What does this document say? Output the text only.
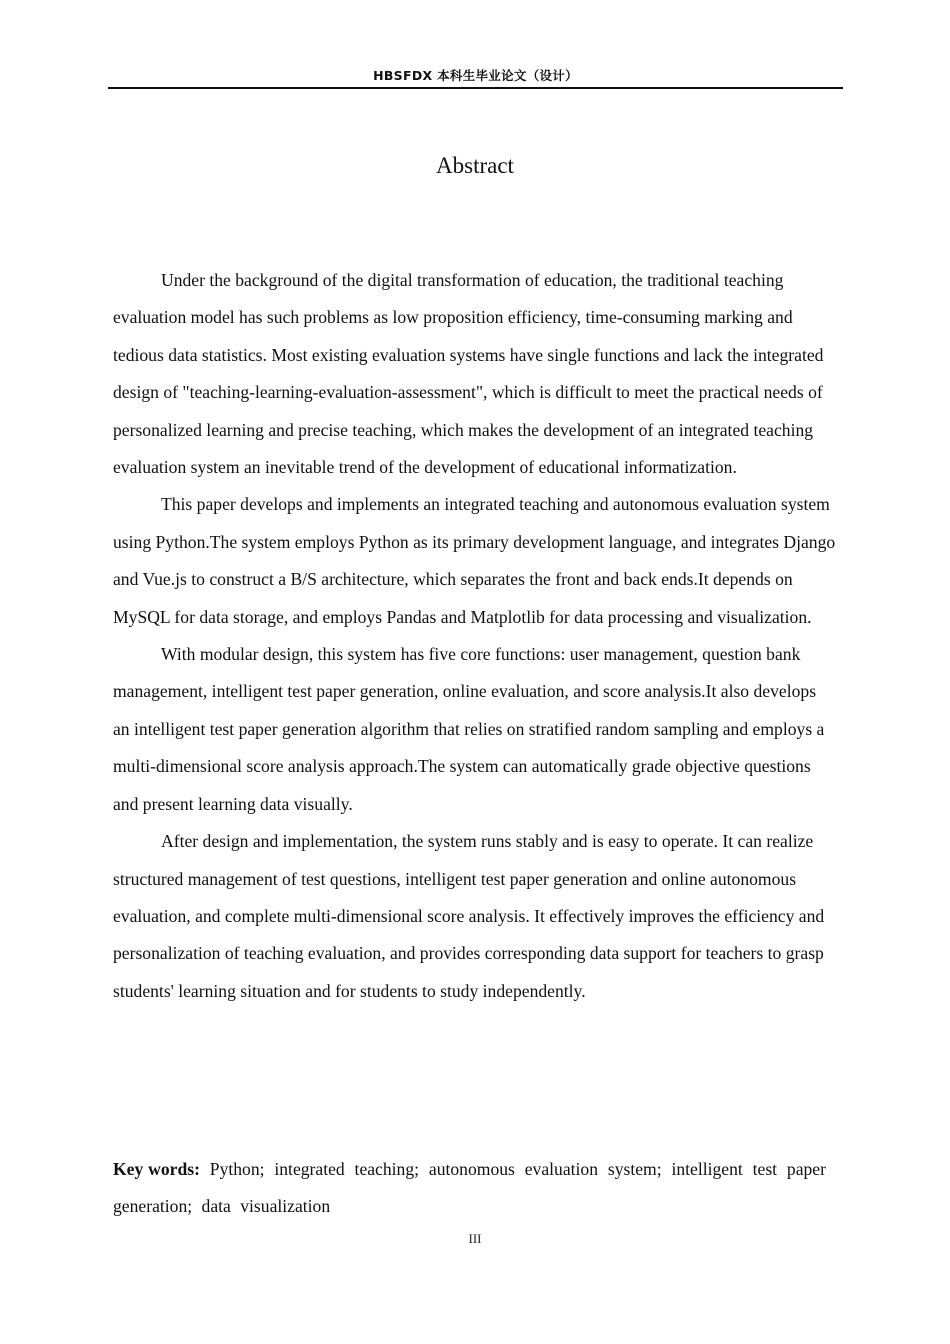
HBSFDX 本科生毕业论文（设计）
Abstract

Under the background of the digital transformation of education, the traditional teaching evaluation model has such problems as low proposition efficiency, time-consuming marking and tedious data statistics. Most existing evaluation systems have single functions and lack the integrated design of "teaching-learning-evaluation-assessment", which is difficult to meet the practical needs of personalized learning and precise teaching, which makes the development of an integrated teaching evaluation system an inevitable trend of the development of educational informatization.

This paper develops and implements an integrated teaching and autonomous evaluation system using Python.The system employs Python as its primary development language, and integrates Django and Vue.js to construct a B/S architecture, which separates the front and back ends.It depends on MySQL for data storage, and employs Pandas and Matplotlib for data processing and visualization.

With modular design, this system has five core functions: user management, question bank management, intelligent test paper generation, online evaluation, and score analysis.It also develops an intelligent test paper generation algorithm that relies on stratified random sampling and employs a multi-dimensional score analysis approach.The system can automatically grade objective questions and present learning data visually.

After design and implementation, the system runs stably and is easy to operate. It can realize structured management of test questions, intelligent test paper generation and online autonomous evaluation, and complete multi-dimensional score analysis. It effectively improves the efficiency and personalization of teaching evaluation, and provides corresponding data support for teachers to grasp students' learning situation and for students to study independently.

Key words: Python; integrated teaching; autonomous evaluation system; intelligent test paper generation; data visualization
III
